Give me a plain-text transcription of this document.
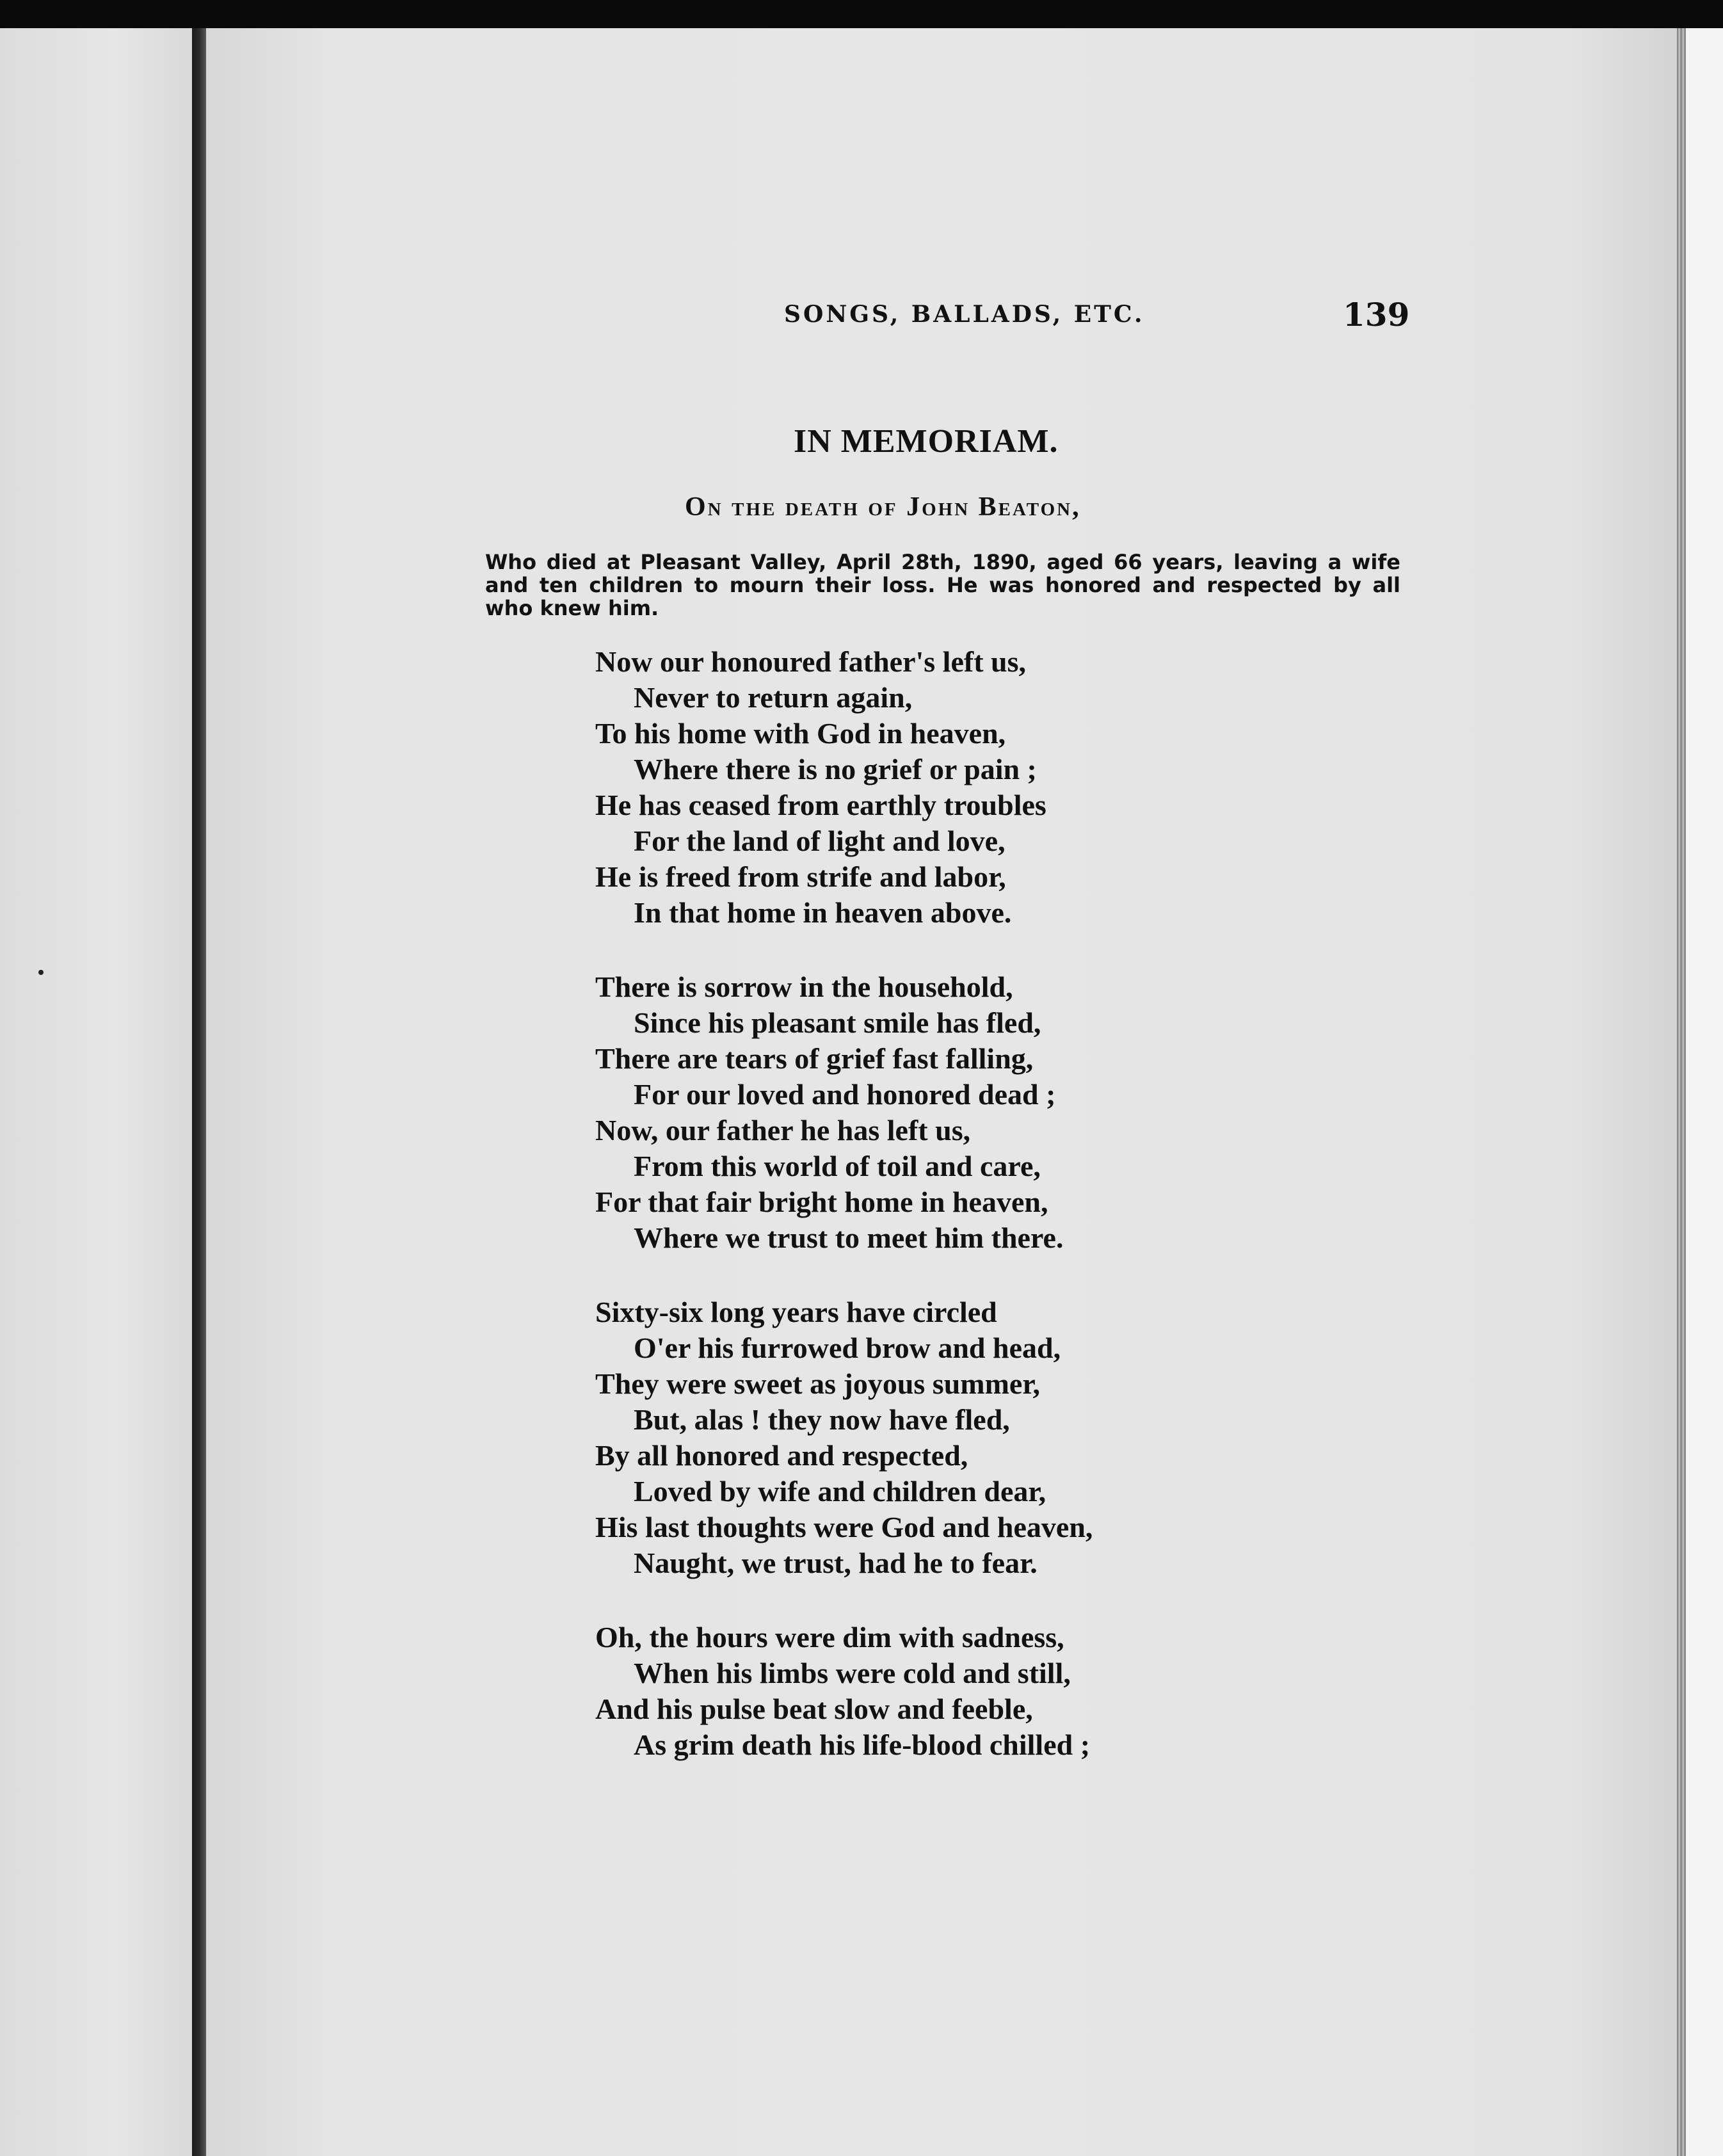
SONGS, BALLADS, ETC.	139
IN MEMORIAM.
On the death of John Beaton,
Who died at Pleasant Valley, April 28th, 1890, aged 66 years, leaving a wife and ten children to mourn their loss. He was honored and respected by all who knew him.
Now our honoured father's left us,
Never to return again,
To his home with God in heaven,
Where there is no grief or pain ;
He has ceased from earthly troubles
For the land of light and love,
He is freed from strife and labor,
In that home in heaven above.
There is sorrow in the household,
Since his pleasant smile has fled,
There are tears of grief fast falling,
For our loved and honored dead ;
Now, our father he has left us,
From this world of toil and care,
For that fair bright home in heaven,
Where we trust to meet him there.
Sixty-six long years have circled
O'er his furrowed brow and head,
They were sweet as joyous summer,
But, alas ! they now have fled,
By all honored and respected,
Loved by wife and children dear,
His last thoughts were God and heaven,
Naught, we trust, had he to fear.
Oh, the hours were dim with sadness,
When his limbs were cold and still,
And his pulse beat slow and feeble,
As grim death his life-blood chilled ;
